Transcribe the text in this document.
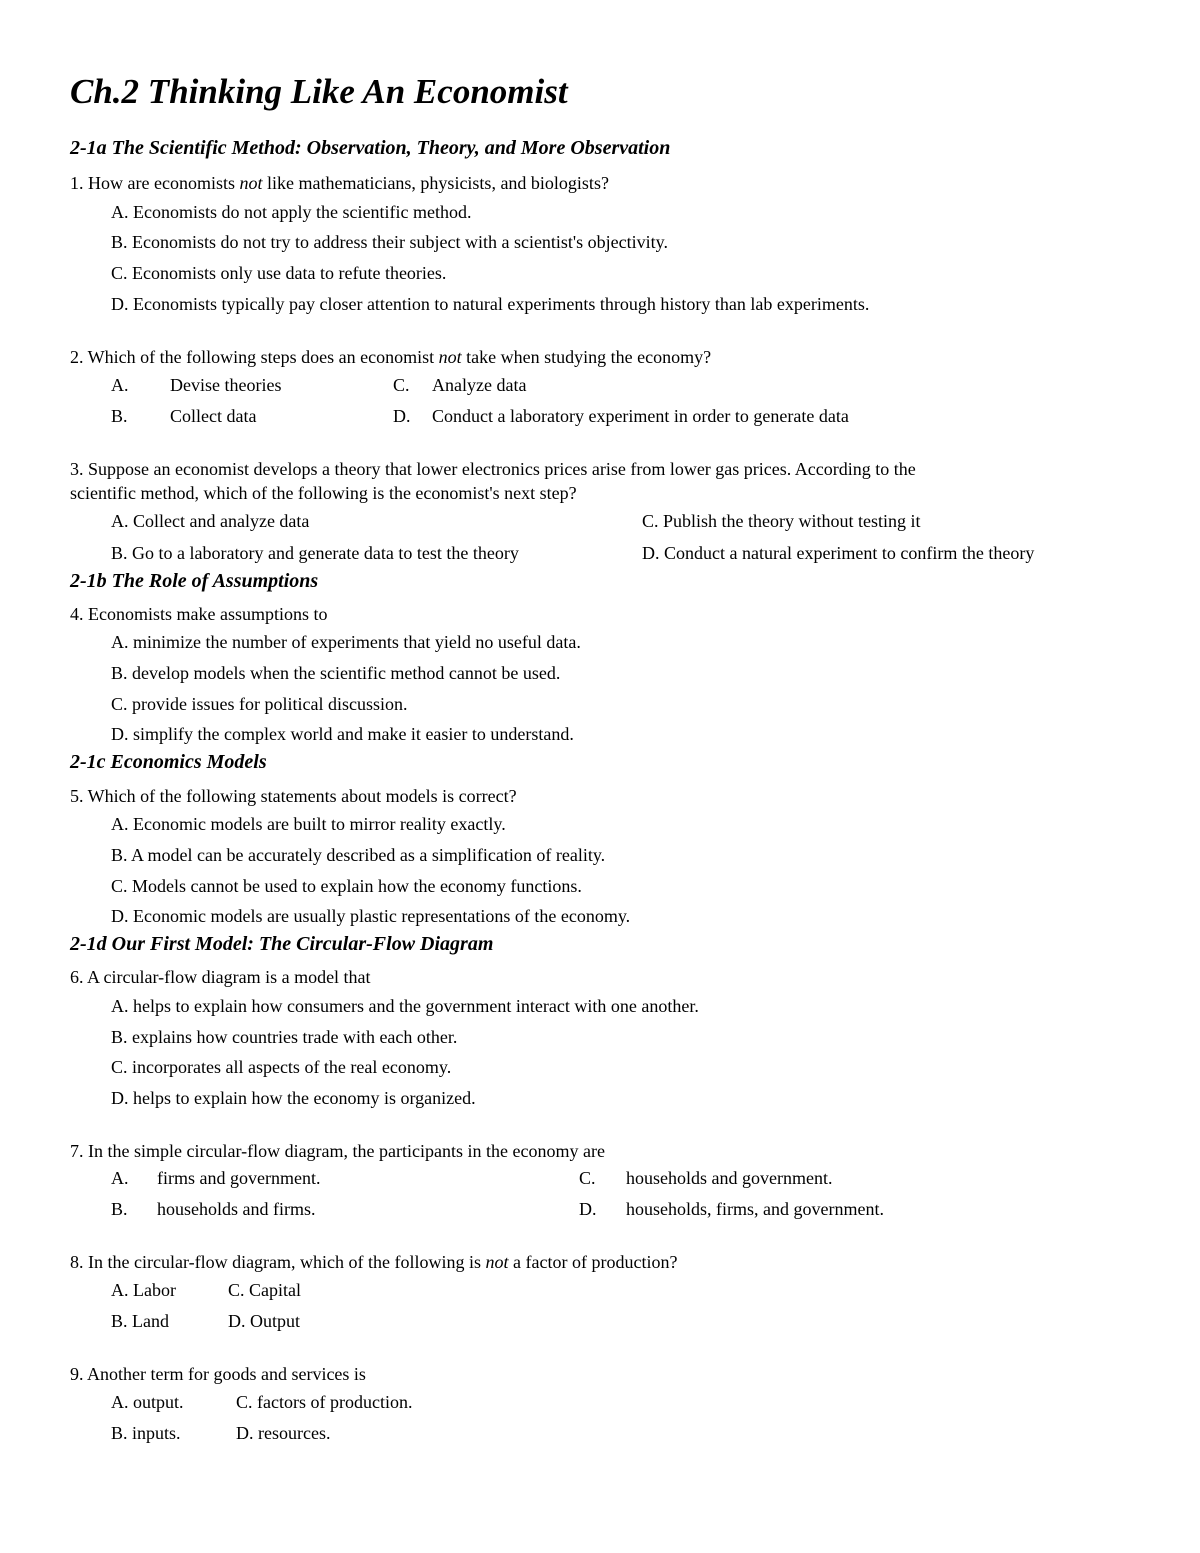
Ch.2 Thinking Like An Economist
2-1a The Scientific Method: Observation, Theory, and More Observation
1. How are economists not like mathematicians, physicists, and biologists?
A. Economists do not apply the scientific method.
B. Economists do not try to address their subject with a scientist's objectivity.
C. Economists only use data to refute theories.
D. Economists typically pay closer attention to natural experiments through history than lab experiments.
2. Which of the following steps does an economist not take when studying the economy?
A. Devise theories	C. Analyze data
B. Collect data	D. Conduct a laboratory experiment in order to generate data
3. Suppose an economist develops a theory that lower electronics prices arise from lower gas prices. According to the
scientific method, which of the following is the economist's next step?
A. Collect and analyze data	C. Publish the theory without testing it
B. Go to a laboratory and generate data to test the theory	D. Conduct a natural experiment to confirm the theory
2-1b The Role of Assumptions
4. Economists make assumptions to
A. minimize the number of experiments that yield no useful data.
B. develop models when the scientific method cannot be used.
C. provide issues for political discussion.
D. simplify the complex world and make it easier to understand.
2-1c Economics Models
5. Which of the following statements about models is correct?
A. Economic models are built to mirror reality exactly.
B. A model can be accurately described as a simplification of reality.
C. Models cannot be used to explain how the economy functions.
D. Economic models are usually plastic representations of the economy.
2-1d Our First Model: The Circular-Flow Diagram
6. A circular-flow diagram is a model that
A. helps to explain how consumers and the government interact with one another.
B. explains how countries trade with each other.
C. incorporates all aspects of the real economy.
D. helps to explain how the economy is organized.
7. In the simple circular-flow diagram, the participants in the economy are
A. firms and government.	C. households and government.
B. households and firms.	D. households, firms, and government.
8. In the circular-flow diagram, which of the following is not a factor of production?
A. Labor	C. Capital
B. Land	D. Output
9. Another term for goods and services is
A. output.	C. factors of production.
B. inputs.	D. resources.
